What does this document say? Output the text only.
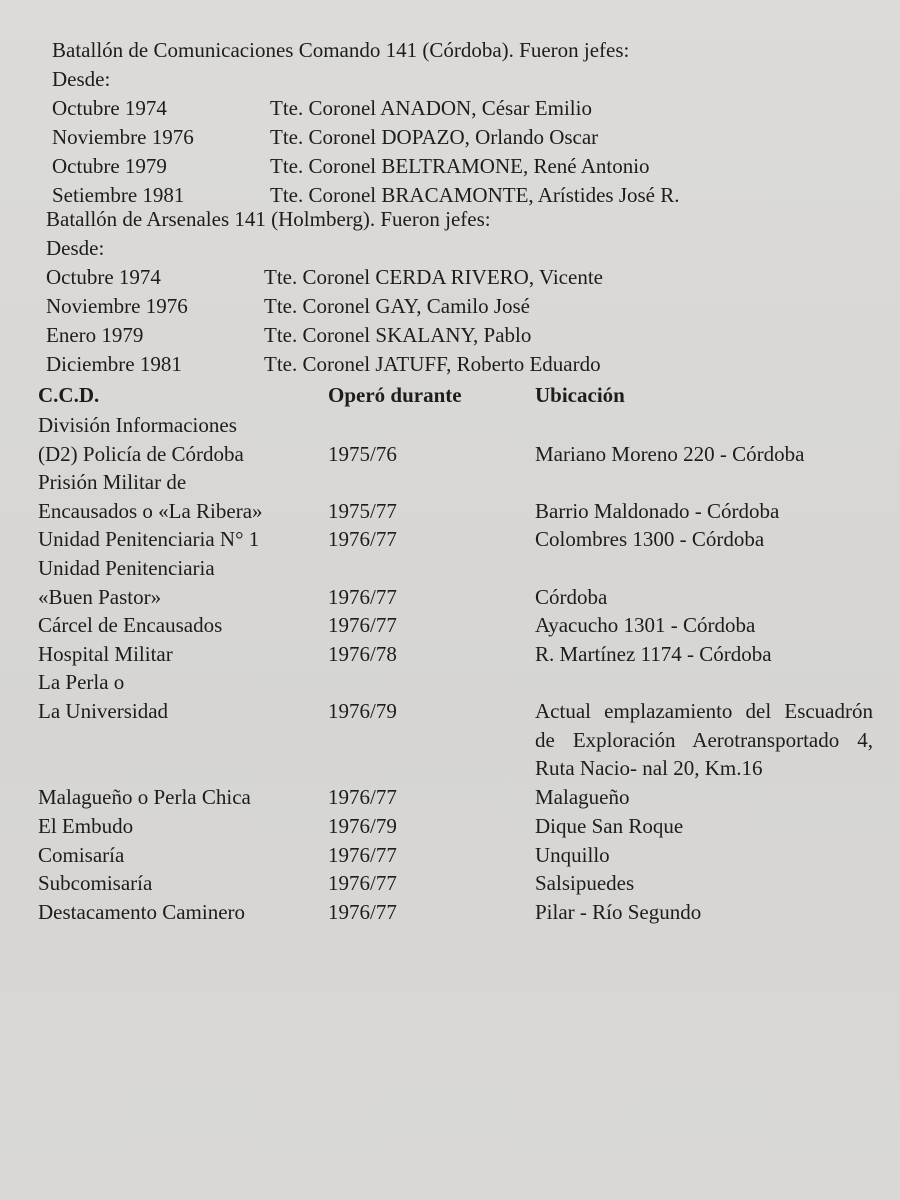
Batallón de Comunicaciones Comando 141 (Córdoba). Fueron jefes:
Desde:
Octubre 1974	Tte. Coronel ANADON, César Emilio
Noviembre 1976	Tte. Coronel DOPAZO, Orlando Oscar
Octubre 1979	Tte. Coronel BELTRAMONE, René Antonio
Setiembre 1981	Tte. Coronel BRACAMONTE, Arístides José R.
Batallón de Arsenales 141 (Holmberg). Fueron jefes:
Desde:
Octubre 1974	Tte. Coronel CERDA RIVERO, Vicente
Noviembre 1976	Tte. Coronel GAY, Camilo José
Enero 1979	Tte. Coronel SKALANY, Pablo
Diciembre 1981	Tte. Coronel JATUFF, Roberto Eduardo
C.C.D.	Operó durante	Ubicación
División Informaciones
(D2) Policía de Córdoba	1975/76	Mariano Moreno 220 - Córdoba
Prisión Militar de
Encausados o «La Ribera»	1975/77	Barrio Maldonado - Córdoba
Unidad Penitenciaria N° 1	1976/77	Colombres 1300 - Córdoba
Unidad Penitenciaria
«Buen Pastor»	1976/77	Córdoba
Cárcel de Encausados	1976/77	Ayacucho 1301 - Córdoba
Hospital Militar	1976/78	R. Martínez 1174 - Córdoba
La Perla o
La Universidad	1976/79	Actual emplazamiento del Escuadrón de Exploración Aerotransportado 4, Ruta Nacio- nal 20, Km.16
Malagueño o Perla Chica	1976/77	Malagueño
El Embudo	1976/79	Dique San Roque
Comisaría	1976/77	Unquillo
Subcomisaría	1976/77	Salsipuedes
Destacamento Caminero	1976/77	Pilar - Río Segundo
